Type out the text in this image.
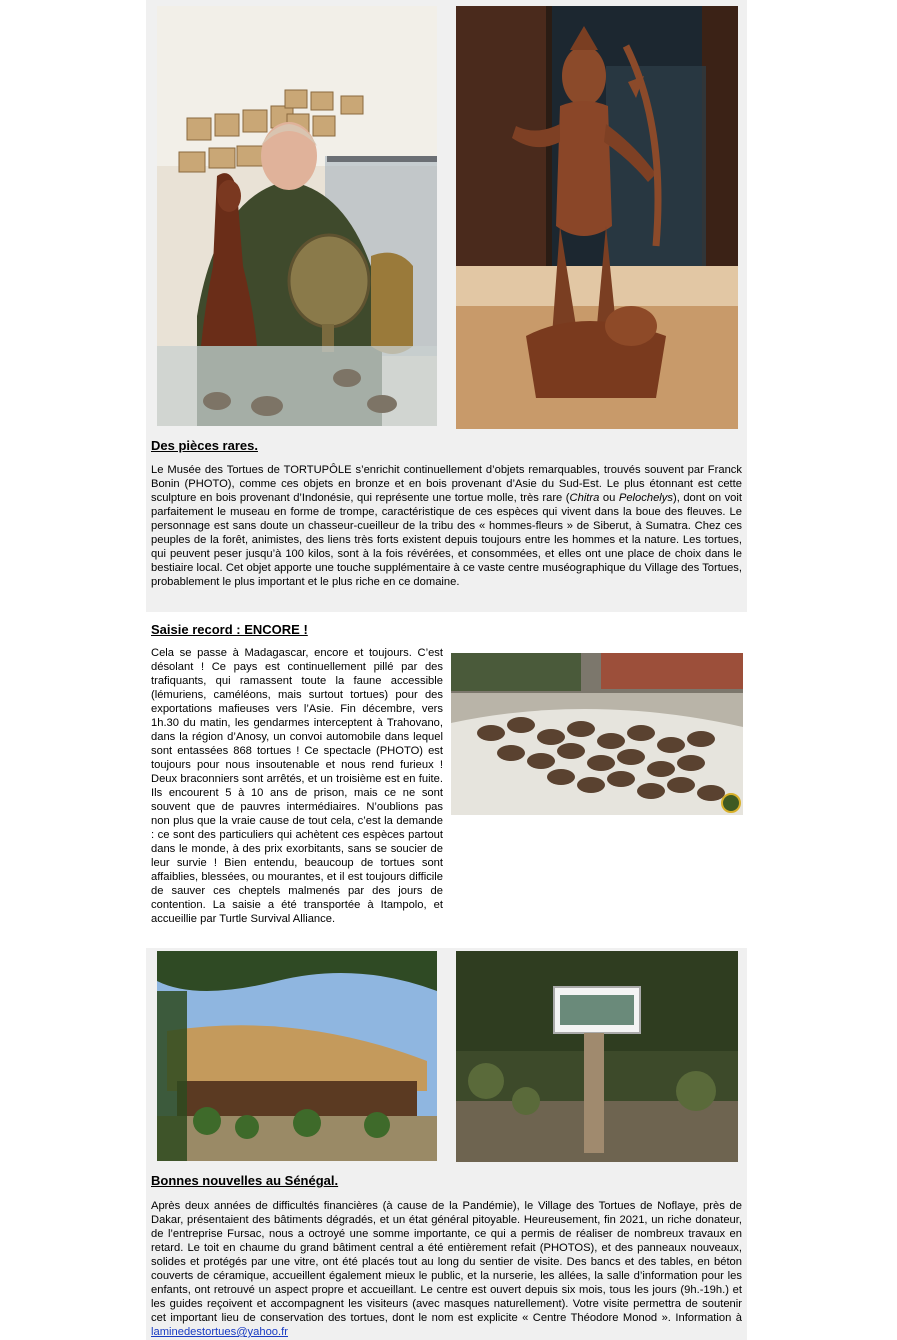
Des pièces rares.
Le Musée des Tortues de TORTUPÔLE s’enrichit continuellement d’objets remarquables, trouvés souvent par Franck Bonin (PHOTO), comme ces objets en bronze et en bois provenant d’Asie du Sud-Est. Le plus étonnant est cette sculpture en bois provenant d’Indonésie, qui représente une tortue molle, très rare (Chitra ou Pelochelys), dont on voit parfaitement le museau en forme de trompe, caractéristique de ces espèces qui vivent dans la boue des fleuves. Le personnage est sans doute un chasseur-cueilleur de la tribu des « hommes-fleurs » de Siberut, à Sumatra. Chez ces peuples de la forêt, animistes, des liens très forts existent depuis toujours entre les hommes et la nature. Les tortues, qui peuvent peser jusqu’à 100 kilos, sont à la fois révérées, et consommées, et elles ont une place de choix dans le bestiaire local. Cet objet apporte une touche supplémentaire à ce vaste centre muséographique du Village des Tortues, probablement le plus important et le plus riche en ce domaine.
Saisie record : ENCORE !
Cela se passe à Madagascar, encore et toujours. C’est désolant ! Ce pays est continuellement pillé par des trafiquants, qui ramassent toute la faune accessible (lémuriens, caméléons, mais surtout tortues) pour des exportations mafieuses vers l’Asie. Fin décembre, vers 1h.30 du matin, les gendarmes interceptent à Trahovano, dans la région d’Anosy, un convoi automobile dans lequel sont entassées 868 tortues ! Ce spectacle (PHOTO) est toujours pour nous insoutenable et nous rend furieux ! Deux braconniers sont arrêtés, et un troisième est en fuite. Ils encourent 5 à 10 ans de prison, mais ce ne sont souvent que de pauvres intermédiaires. N’oublions pas non plus que la vraie cause de tout cela, c’est la demande : ce sont des particuliers qui achètent ces espèces partout dans le monde, à des prix exorbitants, sans se soucier de leur survie ! Bien entendu, beaucoup de tortues sont affaiblies, blessées, ou mourantes, et il est toujours difficile de sauver ces cheptels malmenés par des jours de contention. La saisie a été transportée à Itampolo, et accueillie par Turtle Survival Alliance.
Bonnes nouvelles au Sénégal.
Après deux années de difficultés financières (à cause de la Pandémie), le Village des Tortues de Noflaye, près de Dakar, présentaient des bâtiments dégradés, et un état général pitoyable. Heureusement, fin 2021, un riche donateur, de l’entreprise Fursac, nous a octroyé une somme importante, ce qui a permis de réaliser de nombreux travaux en retard. Le toit en chaume du grand bâtiment central a été entièrement refait (PHOTOS), et des panneaux nouveaux, solides et protégés par une vitre, ont été placés tout au long du sentier de visite. Des bancs et des tables, en béton couverts de céramique, accueillent également mieux le public, et la nurserie, les allées, la salle d’information pour les enfants, ont retrouvé un aspect propre et accueillant. Le centre est ouvert depuis six mois, tous les jours (9h.-19h.) et les guides reçoivent et accompagnent les visiteurs (avec masques naturellement). Votre visite permettra de soutenir cet important lieu de conservation des tortues, dont le nom est explicite « Centre Théodore Monod ». Information à laminedestortues@yahoo.fr
